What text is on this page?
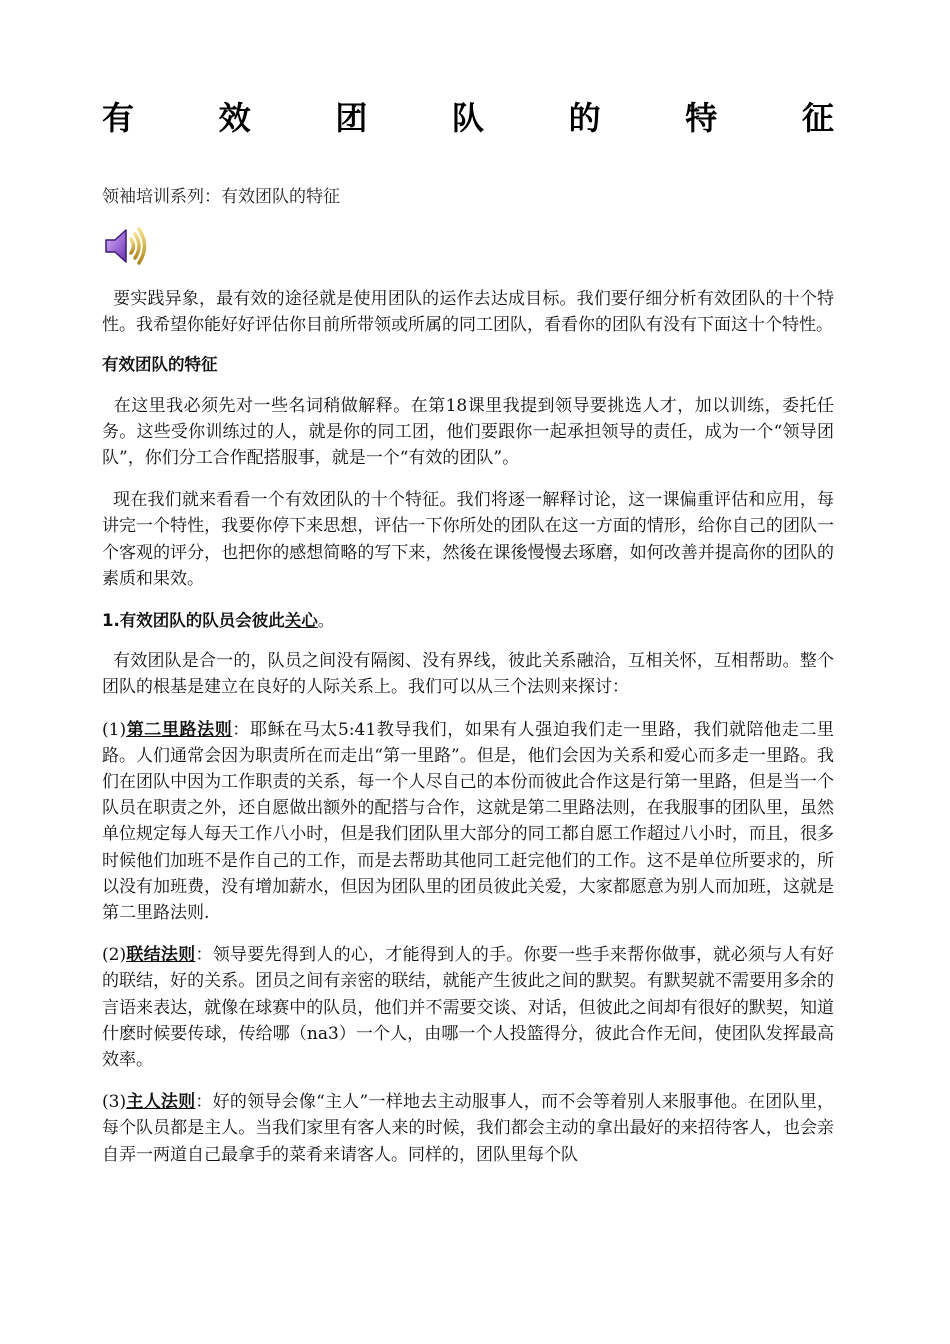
有	效	团	队	的	特	征
领袖培训系列：有效团队的特征

要实践异象，最有效的途径就是使用团队的运作去达成目标。我们要仔细分析有效团队的十个特性。我希望你能好好评估你目前所带领或所属的同工团队，看看你的团队有没有下面这十个特性。

有效团队的特征

在这里我必须先对一些名词稍做解释。在第18课里我提到领导要挑选人才，加以训练，委托任务。这些受你训练过的人，就是你的同工团，他们要跟你一起承担领导的责任，成为一个“领导团队”，你们分工合作配搭服事，就是一个“有效的团队”。

现在我们就来看看一个有效团队的十个特征。我们将逐一解释讨论，这一课偏重评估和应用，每讲完一个特性，我要你停下来思想，评估一下你所处的团队在这一方面的情形，给你自己的团队一个客观的评分，也把你的感想简略的写下来，然後在课後慢慢去琢磨，如何改善并提高你的团队的素质和果效。

1.有效团队的队员会彼此关心。

有效团队是合一的，队员之间没有隔阂、没有界线，彼此关系融洽，互相关怀，互相帮助。整个团队的根基是建立在良好的人际关系上。我们可以从三个法则来探讨：

(1)第二里路法则：耶稣在马太5:41教导我们，如果有人强迫我们走一里路，我们就陪他走二里路。人们通常会因为职责所在而走出“第一里路”。但是，他们会因为关系和爱心而多走一里路。我们在团队中因为工作职责的关系，每一个人尽自己的本份而彼此合作这是行第一里路，但是当一个队员在职责之外，还自愿做出额外的配搭与合作，这就是第二里路法则，在我服事的团队里，虽然单位规定每人每天工作八小时，但是我们团队里大部分的同工都自愿工作超过八小时，而且，很多时候他们加班不是作自己的工作，而是去帮助其他同工赶完他们的工作。这不是单位所要求的，所以没有加班费，没有增加薪水，但因为团队里的团员彼此关爱，大家都愿意为别人而加班，这就是第二里路法则.

(2)联结法则：领导要先得到人的心，才能得到人的手。你要一些手来帮你做事，就必须与人有好的联结，好的关系。团员之间有亲密的联结，就能产生彼此之间的默契。有默契就不需要用多余的言语来表达，就像在球赛中的队员，他们并不需要交谈、对话，但彼此之间却有很好的默契，知道什麽时候要传球，传给哪（na3）一个人，由哪一个人投篮得分，彼此合作无间，使团队发挥最高效率。

(3)主人法则：好的领导会像“主人”一样地去主动服事人，而不会等着别人来服事他。在团队里，每个队员都是主人。当我们家里有客人来的时候，我们都会主动的拿出最好的来招待客人，也会亲自弄一两道自己最拿手的菜肴来请客人。同样的，团队里每个队
